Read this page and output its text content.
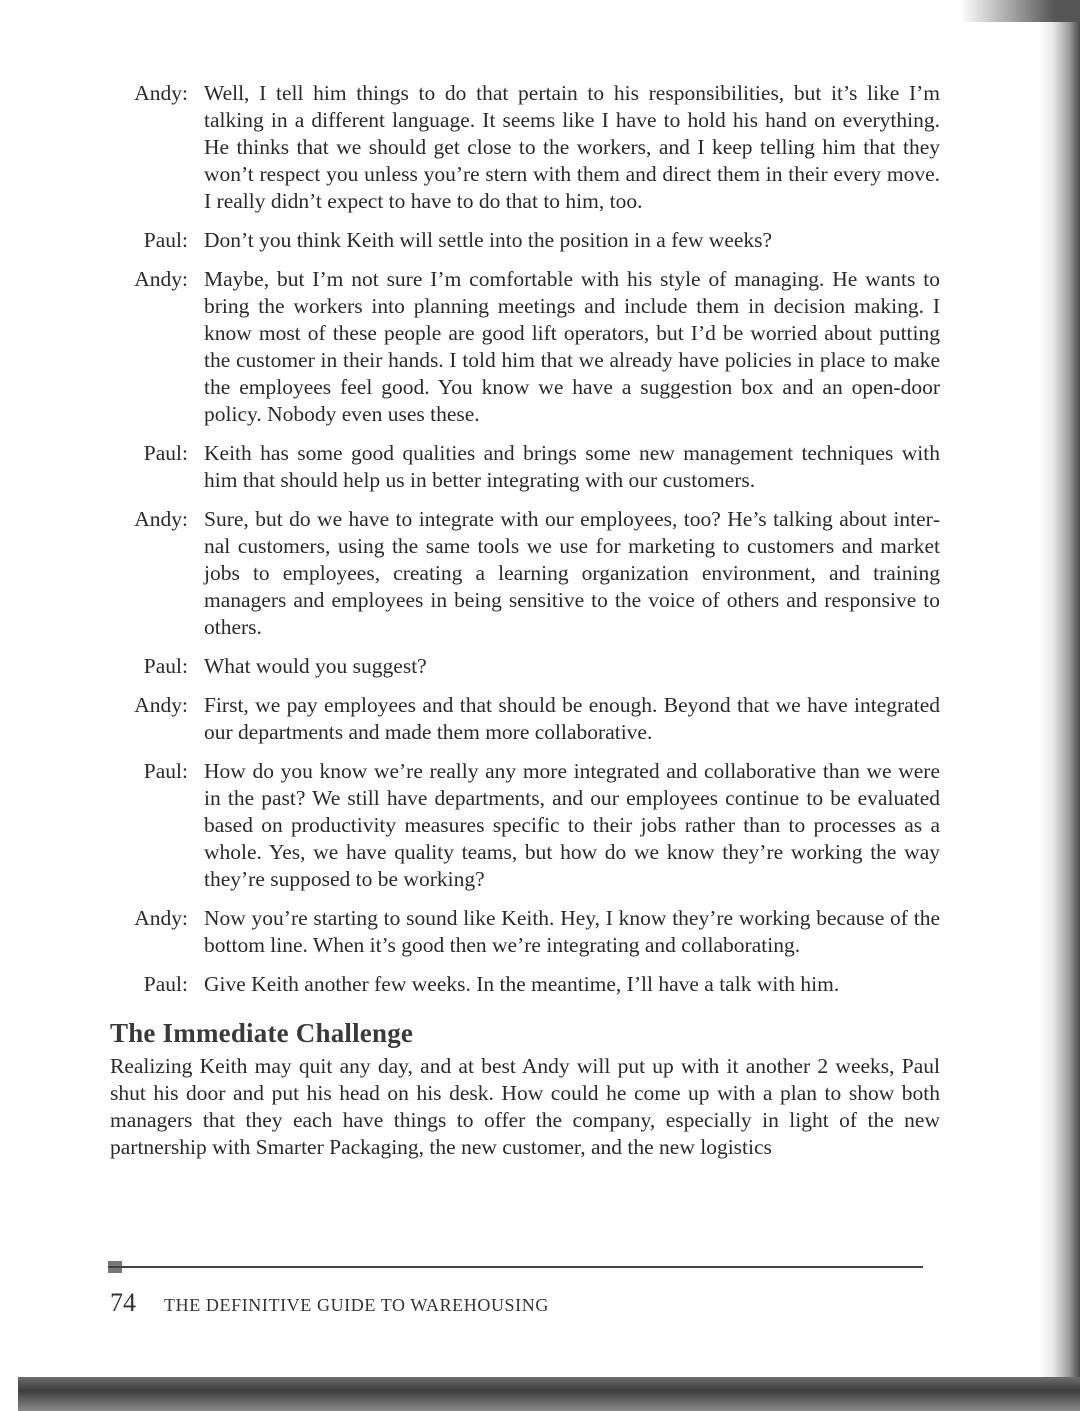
Andy: Well, I tell him things to do that pertain to his responsibilities, but it’s like I’m talking in a different language. It seems like I have to hold his hand on everything. He thinks that we should get close to the workers, and I keep telling him that they won’t respect you unless you’re stern with them and direct them in their every move. I really didn’t expect to have to do that to him, too.
Paul: Don’t you think Keith will settle into the position in a few weeks?
Andy: Maybe, but I’m not sure I’m comfortable with his style of managing. He wants to bring the workers into planning meetings and include them in decision making. I know most of these people are good lift operators, but I’d be worried about putting the customer in their hands. I told him that we already have policies in place to make the employees feel good. You know we have a suggestion box and an open-door policy. Nobody even uses these.
Paul: Keith has some good qualities and brings some new management techniques with him that should help us in better integrating with our customers.
Andy: Sure, but do we have to integrate with our employees, too? He’s talking about internal customers, using the same tools we use for marketing to customers and market jobs to employees, creating a learning organization environment, and training managers and employees in being sensitive to the voice of others and responsive to others.
Paul: What would you suggest?
Andy: First, we pay employees and that should be enough. Beyond that we have integrated our departments and made them more collaborative.
Paul: How do you know we’re really any more integrated and collaborative than we were in the past? We still have departments, and our employees continue to be evaluated based on productivity measures specific to their jobs rather than to processes as a whole. Yes, we have quality teams, but how do we know they’re working the way they’re supposed to be working?
Andy: Now you’re starting to sound like Keith. Hey, I know they’re working because of the bottom line. When it’s good then we’re integrating and collaborating.
Paul: Give Keith another few weeks. In the meantime, I’ll have a talk with him.
The Immediate Challenge
Realizing Keith may quit any day, and at best Andy will put up with it another 2 weeks, Paul shut his door and put his head on his desk. How could he come up with a plan to show both managers that they each have things to offer the company, especially in light of the new partnership with Smarter Packaging, the new customer, and the new logistics
74 THE DEFINITIVE GUIDE TO WAREHOUSING
